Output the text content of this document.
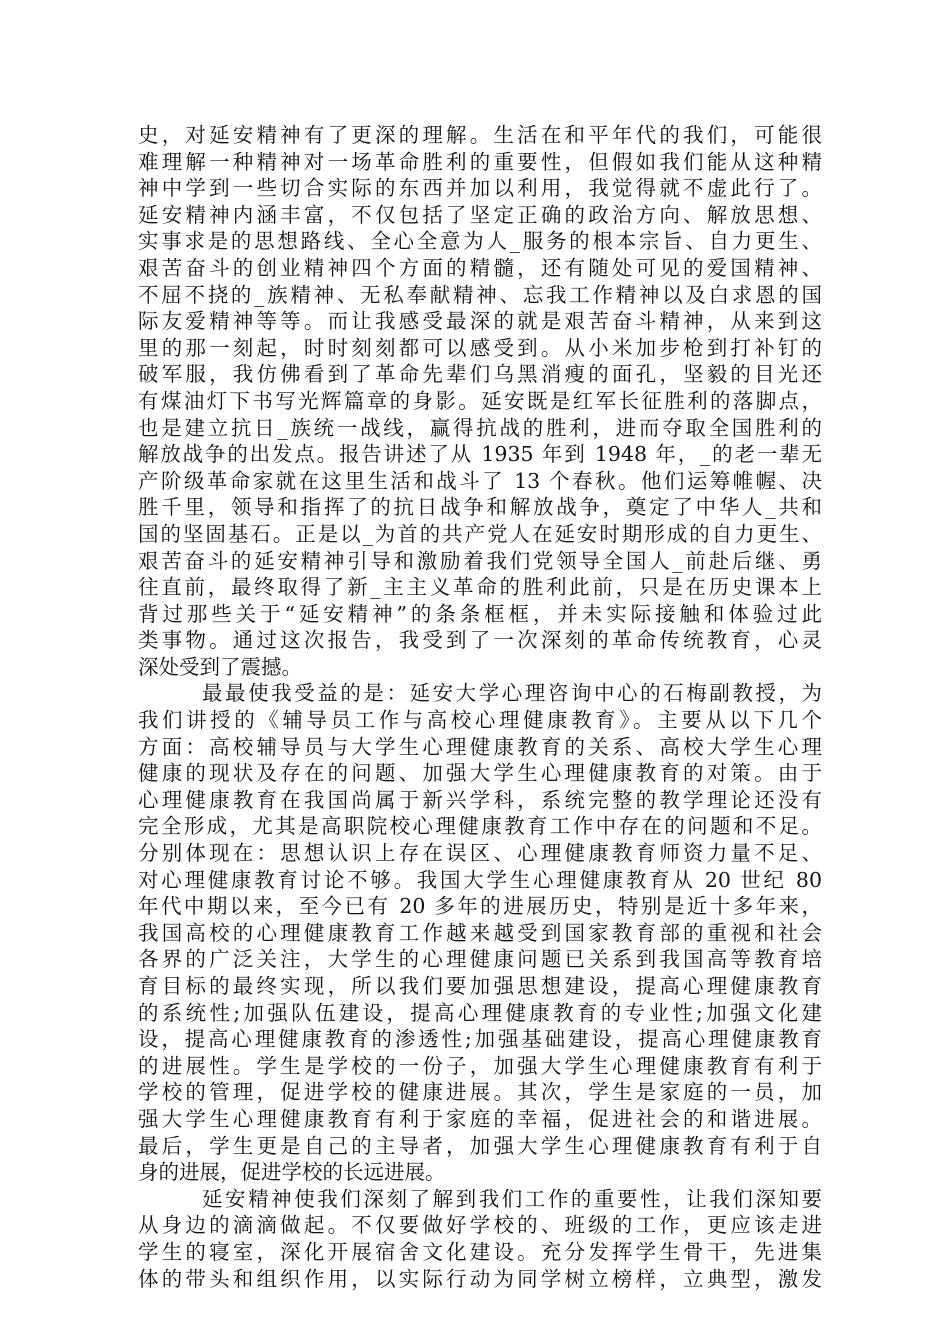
史，对延安精神有了更深的理解。生活在和平年代的我们，可能很
难理解一种精神对一场革命胜利的重要性，但假如我们能从这种精
神中学到一些切合实际的东西并加以利用，我觉得就不虚此行了。
延安精神内涵丰富，不仅包括了坚定正确的政治方向、解放思想、
实事求是的思想路线、全心全意为人_服务的根本宗旨、自力更生、
艰苦奋斗的创业精神四个方面的精髓，还有随处可见的爱国精神、
不屈不挠的_族精神、无私奉献精神、忘我工作精神以及白求恩的国
际友爱精神等等。而让我感受最深的就是艰苦奋斗精神，从来到这
里的那一刻起，时时刻刻都可以感受到。从小米加步枪到打补钉的
破军服，我仿佛看到了革命先辈们乌黑消瘦的面孔，坚毅的目光还
有煤油灯下书写光辉篇章的身影。延安既是红军长征胜利的落脚点，
也是建立抗日_族统一战线，赢得抗战的胜利，进而夺取全国胜利的
解放战争的出发点。报告讲述了从 1935 年到 1948 年，_的老一辈无
产阶级革命家就在这里生活和战斗了 13 个春秋。他们运筹帷幄、决
胜千里，领导和指挥了的抗日战争和解放战争，奠定了中华人_共和
国的坚固基石。正是以_为首的共产党人在延安时期形成的自力更生、
艰苦奋斗的延安精神引导和激励着我们党领导全国人_前赴后继、勇
往直前，最终取得了新_主主义革命的胜利此前，只是在历史课本上
背过那些关于“延安精神”的条条框框，并未实际接触和体验过此
类事物。通过这次报告，我受到了一次深刻的革命传统教育，心灵
深处受到了震撼。
最最使我受益的是：延安大学心理咨询中心的石梅副教授，为
我们讲授的《辅导员工作与高校心理健康教育》。主要从以下几个
方面：高校辅导员与大学生心理健康教育的关系、高校大学生心理
健康的现状及存在的问题、加强大学生心理健康教育的对策。由于
心理健康教育在我国尚属于新兴学科，系统完整的教学理论还没有
完全形成，尤其是高职院校心理健康教育工作中存在的问题和不足。
分别体现在：思想认识上存在误区、心理健康教育师资力量不足、
对心理健康教育讨论不够。我国大学生心理健康教育从 20 世纪 80
年代中期以来，至今已有 20 多年的进展历史，特别是近十多年来，
我国高校的心理健康教育工作越来越受到国家教育部的重视和社会
各界的广泛关注，大学生的心理健康问题已关系到我国高等教育培
育目标的最终实现，所以我们要加强思想建设，提高心理健康教育
的系统性;加强队伍建设，提高心理健康教育的专业性;加强文化建
设，提高心理健康教育的渗透性;加强基础建设，提高心理健康教育
的进展性。学生是学校的一份子，加强大学生心理健康教育有利于
学校的管理，促进学校的健康进展。其次，学生是家庭的一员，加
强大学生心理健康教育有利于家庭的幸福，促进社会的和谐进展。
最后，学生更是自己的主导者，加强大学生心理健康教育有利于自
身的进展，促进学校的长远进展。
延安精神使我们深刻了解到我们工作的重要性，让我们深知要
从身边的滴滴做起。不仅要做好学校的、班级的工作，更应该走进
学生的寝室，深化开展宿舍文化建设。充分发挥学生骨干，先进集
体的带头和组织作用，以实际行动为同学树立榜样，立典型，激发
